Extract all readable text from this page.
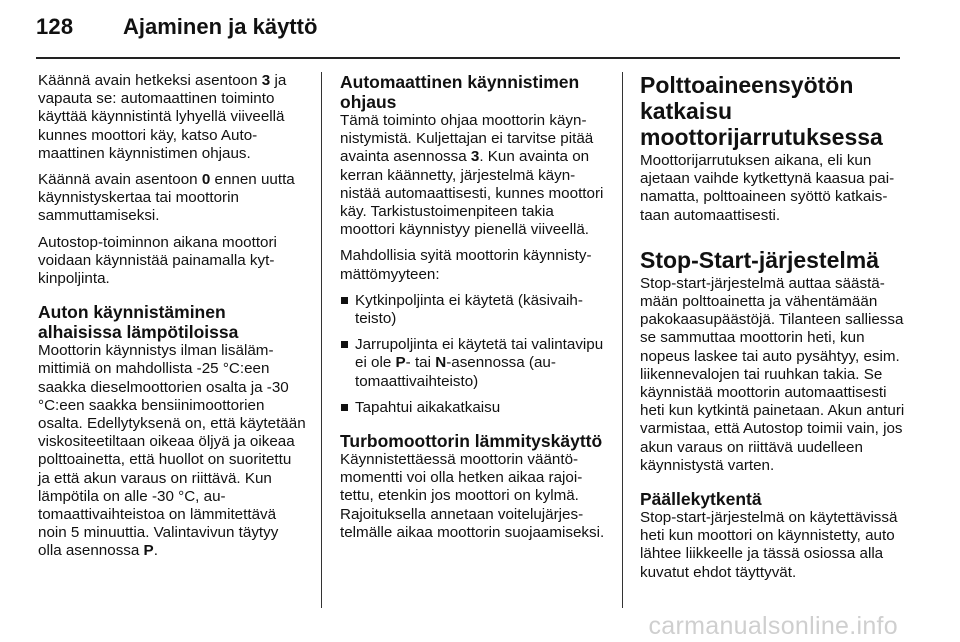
128 Ajaminen ja käyttö

Käännä avain hetkeksi asentoon 3 ja vapauta se: automaattinen toiminto käyttää käynnistintä lyhyellä viiveellä kunnes moottori käy, katso Automaattinen käynnistimen ohjaus.

Käännä avain asentoon 0 ennen uutta käynnistyskertaa tai moottorin sammuttamiseksi.

Autostop-toiminnon aikana moottori voidaan käynnistää painamalla kytkinpoljinta.

Auton käynnistäminen alhaisissa lämpötiloissa

Moottorin käynnistys ilman lisälämmittimiä on mahdollista -25 °C:een saakka dieselmoottorien osalta ja -30 °C:een saakka bensiinimoottorien osalta. Edellytyksenä on, että käytetään viskositeetiltaan oikeaa öljyä ja oikeaa polttoainetta, että huollot on suoritettu ja että akun varaus on riittävä. Kun lämpötila on alle -30 °C, automaattivaihteistoa on lämmitettävä noin 5 minuuttia. Valintavivun täytyy olla asennossa P.

Automaattinen käynnistimen ohjaus

Tämä toiminto ohjaa moottorin käynnistymistä. Kuljettajan ei tarvitse pitää avainta asennossa 3. Kun avainta on kerran käännetty, järjestelmä käynnistää automaattisesti, kunnes moottori käy. Tarkistustoimenpiteen takia moottori käynnistyy pienellä viiveellä.

Mahdollisia syitä moottorin käynnistymättömyyteen:

Kytkinpoljinta ei käytetä (käsivaihteisto)
Jarrupoljinta ei käytetä tai valintavipu ei ole P- tai N-asennossa (automaattivaihteisto)
Tapahtui aikakatkaisu
Turbomoottorin lämmityskäyttö

Käynnistettäessä moottorin vääntömomentti voi olla hetken aikaa rajoitettu, etenkin jos moottori on kylmä. Rajoituksella annetaan voitelujärjestelmälle aikaa moottorin suojaamiseksi.

Polttoaineensyötön katkaisu moottorijarrutuksessa

Moottorijarrutuksen aikana, eli kun ajetaan vaihde kytkettynä kaasua painamatta, polttoaineen syöttö katkaistaan automaattisesti.

Stop-Start-järjestelmä

Stop-start-järjestelmä auttaa säästämään polttoainetta ja vähentämään pakokaasupäästöjä. Tilanteen salliessa se sammuttaa moottorin heti, kun nopeus laskee tai auto pysähtyy, esim. liikennevalojen tai ruuhkan takia. Se käynnistää moottorin automaattisesti heti kun kytkintä painetaan. Akun anturi varmistaa, että Autostop toimii vain, jos akun varaus on riittävä uudelleen käynnistystä varten.

Päällekytkentä

Stop-start-järjestelmä on käytettävissä heti kun moottori on käynnistetty, auto lähtee liikkeelle ja tässä osiossa alla kuvatut ehdot täyttyvät.

carmanualsonline.info
